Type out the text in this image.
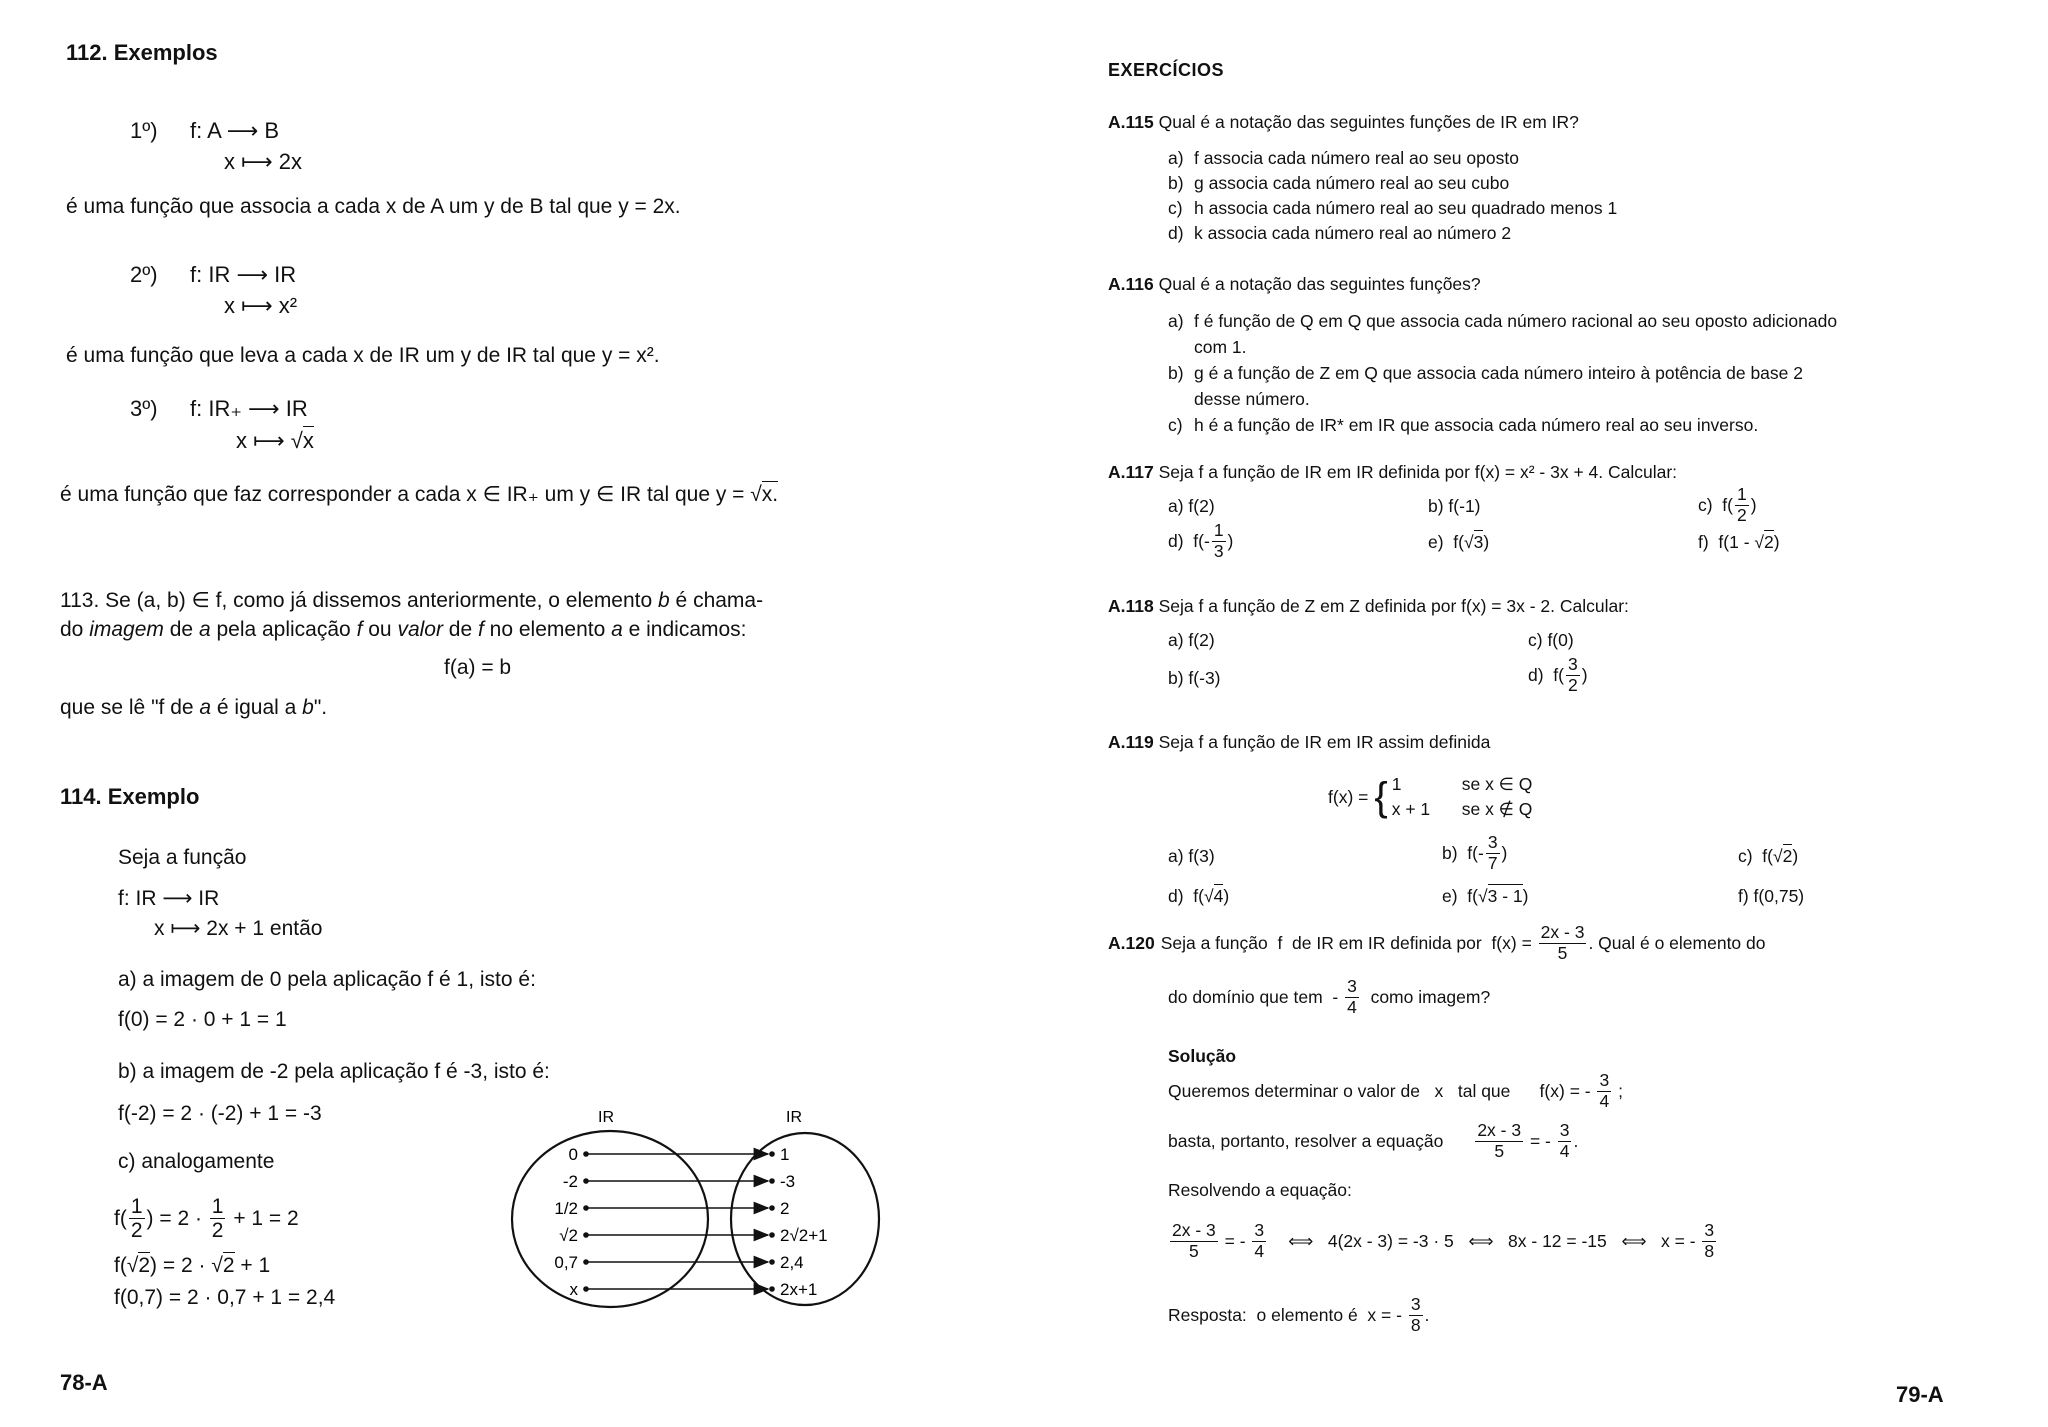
112. Exemplos
1º) f: A ⟶ B
x ⟼ 2x
é uma função que associa a cada x de A um y de B tal que y = 2x.
2º) f: IR ⟶ IR
x ⟼ x²
é uma função que leva a cada x de IR um y de IR tal que y = x².
3º) f: IR₊ ⟶ IR
x ⟼ √x
é uma função que faz corresponder a cada x ∈ IR₊ um y ∈ IR tal que y = √x.
113. Se (a, b) ∈ f, como já dissemos anteriormente, o elemento b é chama-
do imagem de a pela aplicação f ou valor de f no elemento a e indicamos:
f(a) = b
que se lê "f de a é igual a b".
114. Exemplo
Seja a função
f: IR ⟶ IR
x ⟼ 2x + 1 então
a) a imagem de 0 pela aplicação f é 1, isto é:
f(0) = 2 · 0 + 1 = 1
b) a imagem de -2 pela aplicação f é -3, isto é:
f(-2) = 2 · (-2) + 1 = -3
c) analogamente
$f( \frac{1}{2}$ ) = $2 \cdot \frac{1}{2} + 1 = 2$
f(√2) = 2 · √2 + 1
f(0,7) = 2 · 0,7 + 1 = 2,4
IR	IR
0	1
-2	-3
1/2	2
√2	2√2+1
0,7	2,4
x	2x+1
78-A
EXERCÍCIOS
A.115 Qual é a notação das seguintes funções de IR em IR?
a) f associa cada número real ao seu oposto
b) g associa cada número real ao seu cubo
c) h associa cada número real ao seu quadrado menos 1
d) k associa cada número real ao número 2
A.116 Qual é a notação das seguintes funções?
a) f é função de Q em Q que associa cada número racional ao seu oposto adicionado
com 1.
b) g é a função de Z em Q que associa cada número inteiro à potência de base 2
desse número.
c) h é a função de IR* em IR que associa cada número real ao seu inverso.
A.117 Seja f a função de IR em IR definida por f(x) = x² - 3x + 4. Calcular:
a) f(2)	b) f(-1)	c)  $f( \frac{1}{2}$ )
d)  $f(- \frac{1}{3}$ )	e)  f(√3)	f)  f(1 - √2)
A.118 Seja f a função de Z em Z definida por f(x) = 3x - 2. Calcular:
a) f(2)	c) f(0)
b) f(-3)	d)  $f( \frac{3}{2}$ )
A.119 Seja f a função de IR em IR assim definida
f(x) = { 1	se x ∈ Q
x + 1	se x ∉ Q
a) f(3)	b)  $f(- \frac{3}{7}$ )	c)  f(√2)
d)  f(√4)	e)  f(√3 - 1)	f) f(0,75)
A.120 Seja a função  f  de IR em IR definida por  $f(x) = \frac{2x - 3}{5}$ . Qual é o elemento do
do domínio que tem  - $\frac{3}{4}$ como imagem?
Solução
Queremos determinar o valor de   x   tal que      f(x) = - $\frac{3}{4}$ ;
basta, portanto, resolver a equação $\frac{2x - 3}{5}$ = - $\frac{3}{4}$ .
Resolvendo a equação:
$\frac{2x - 3}{5}$ = - $\frac{3}{4}$ ⟺   4(2x - 3) = -3 · 5   ⟺   8x - 12 = -15   ⟺   x = - $\frac{3}{8}$
Resposta:  o elemento é  x = - $\frac{3}{8}$ .
79-A
